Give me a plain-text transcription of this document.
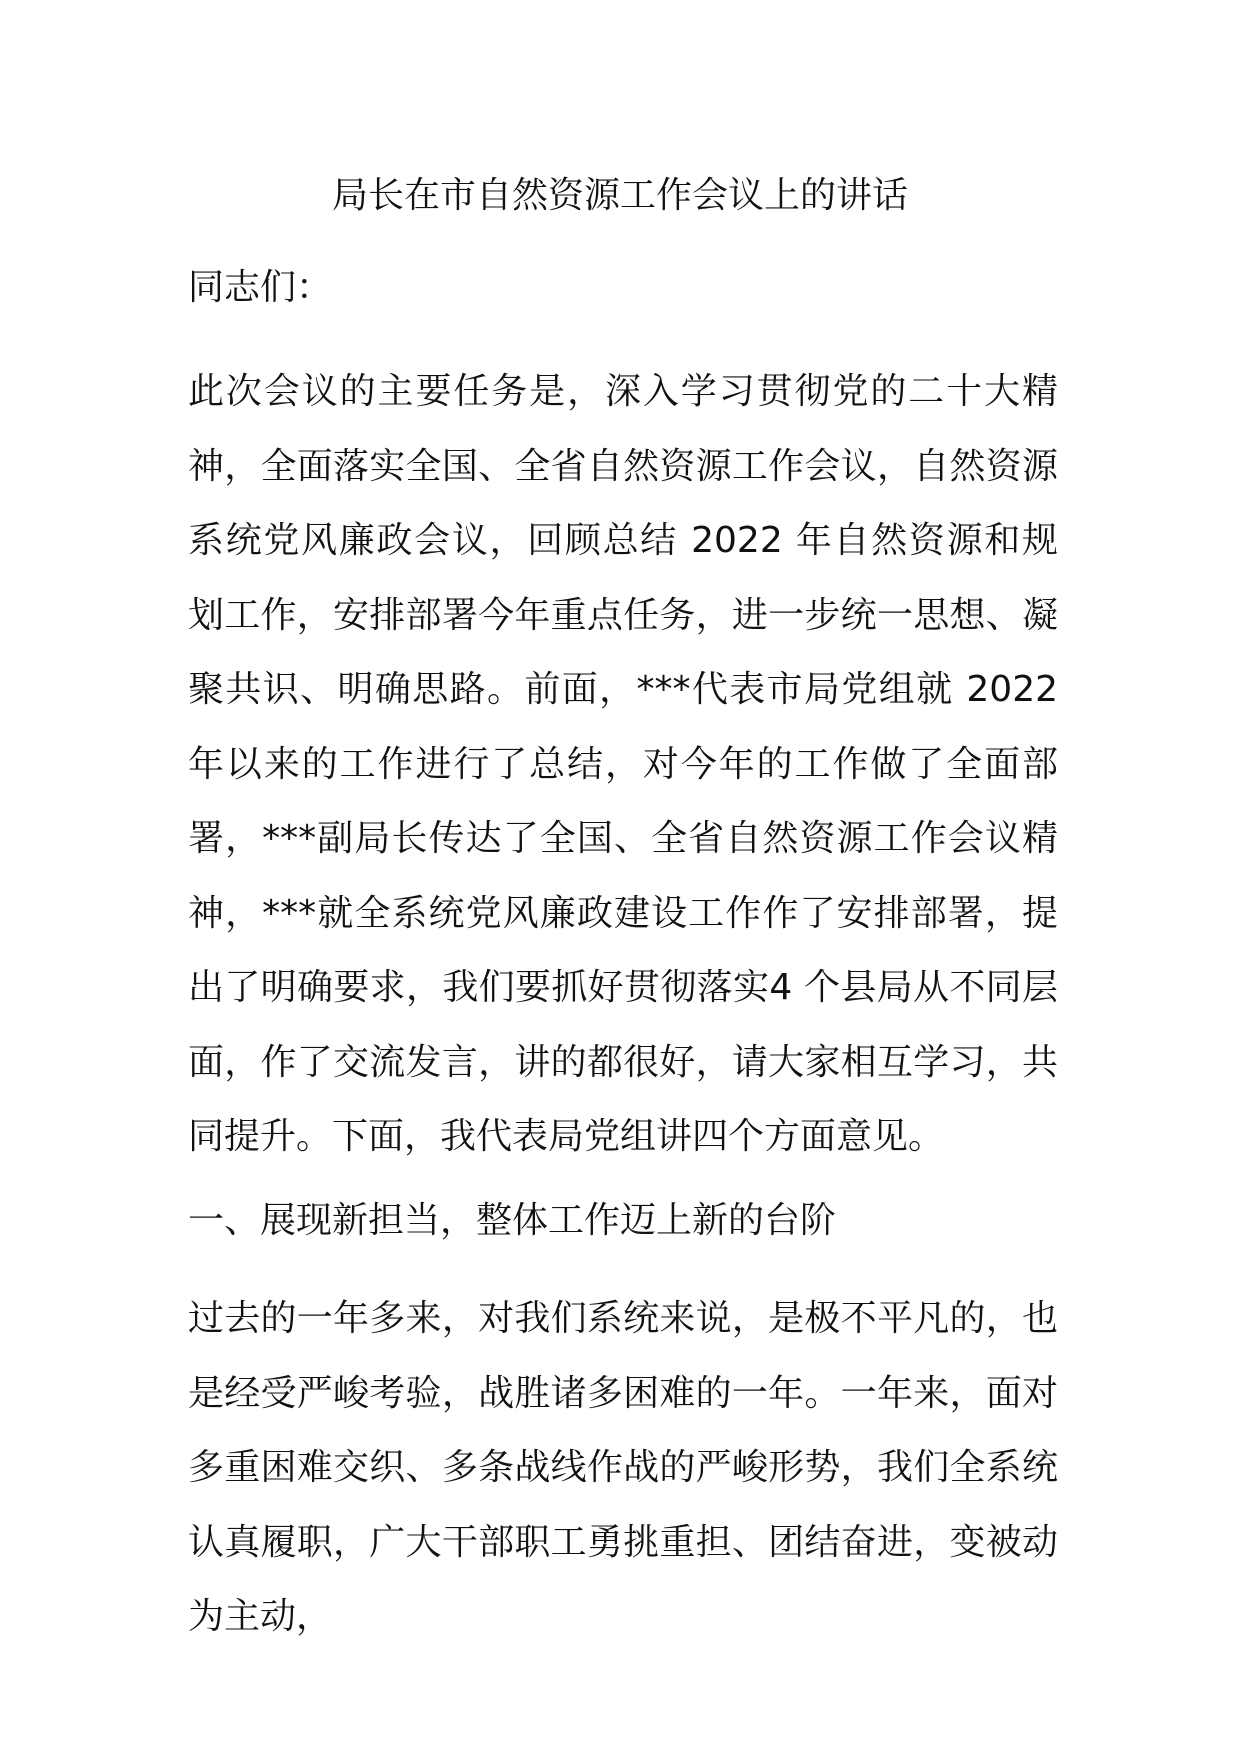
局长在市自然资源工作会议上的讲话

同志们：

此次会议的主要任务是，深入学习贯彻党的二十大精神，全面落实全国、全省自然资源工作会议，自然资源系统党风廉政会议，回顾总结 2022 年自然资源和规划工作，安排部署今年重点任务，进一步统一思想、凝聚共识、明确思路。前面，***代表市局党组就 2022 年以来的工作进行了总结，对今年的工作做了全面部署，***副局长传达了全国、全省自然资源工作会议精神，***就全系统党风廉政建设工作作了安排部署，提出了明确要求，我们要抓好贯彻落实4 个县局从不同层面，作了交流发言，讲的都很好，请大家相互学习，共同提升。下面，我代表局党组讲四个方面意见。

一、展现新担当，整体工作迈上新的台阶

过去的一年多来，对我们系统来说，是极不平凡的，也是经受严峻考验，战胜诸多困难的一年。一年来，面对多重困难交织、多条战线作战的严峻形势，我们全系统认真履职，广大干部职工勇挑重担、团结奋进，变被动为主动，
